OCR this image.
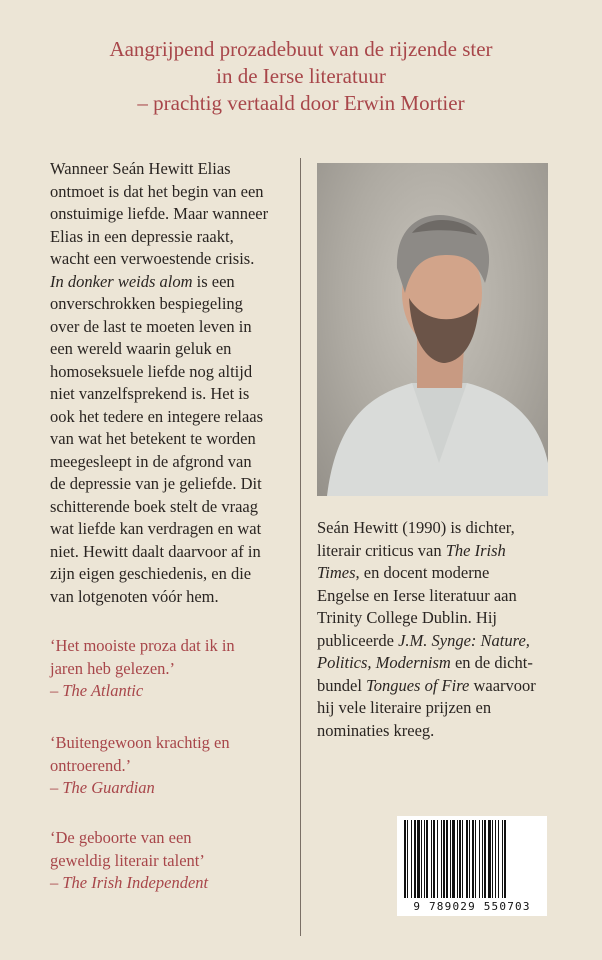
Aangrijpend prozadebuut van de rijzende ster
in de Ierse literatuur
– prachtig vertaald door Erwin Mortier
Wanneer Seán Hewitt Elias
ontmoet is dat het begin van een
onstuimige liefde. Maar wanneer
Elias in een depressie raakt,
wacht een verwoestende crisis.
In donker weids alom is een
onverschrokken bespiegeling
over de last te moeten leven in
een wereld waarin geluk en
homoseksuele liefde nog altijd
niet vanzelfsprekend is. Het is
ook het tedere en integere relaas
van wat het betekent te worden
meegesleept in de afgrond van
de depressie van je geliefde. Dit
schitterende boek stelt de vraag
wat liefde kan verdragen en wat
niet. Hewitt daalt daarvoor af in
zijn eigen geschiedenis, en die
van lotgenoten vóór hem.
‘Het mooiste proza dat ik in
jaren heb gelezen.’
– The Atlantic
‘Buitengewoon krachtig en
ontroerend.’
– The Guardian
‘De geboorte van een
geweldig literair talent’
– The Irish Independent
Seán Hewitt (1990) is dichter,
literair criticus van The Irish
Times, en docent moderne
Engelse en Ierse literatuur aan
Trinity College Dublin. Hij
publiceerde J.M. Synge: Nature,
Politics, Modernism en de dicht-
bundel Tongues of Fire waarvoor
hij vele literaire prijzen en
nominaties kreeg.
9 789029 550703
